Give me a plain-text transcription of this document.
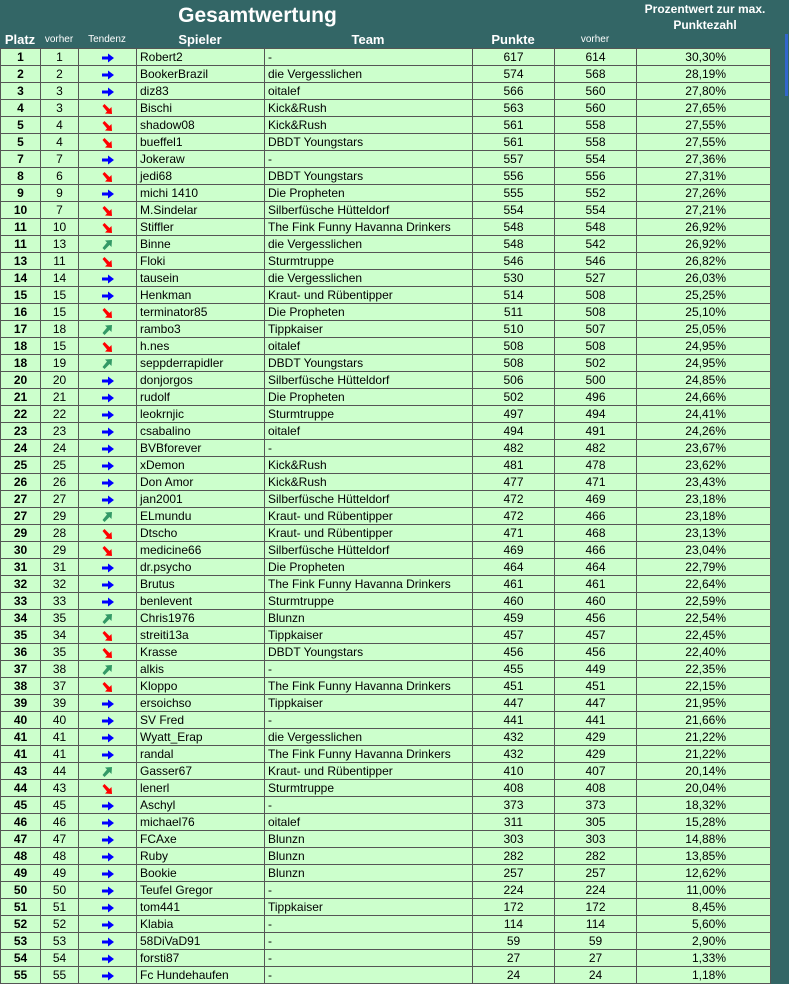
Gesamtwertung	Prozentwert zur max. Punktezahl
Platz vorher	Tendenz	Spieler	Team	Punkte	vorher
1	1		Robert2	-	617	614	30,30%
2	2		BookerBrazil	die Vergesslichen	574	568	28,19%
3	3		diz83	oitalef	566	560	27,80%
4	3		Bischi	Kick&Rush	563	560	27,65%
5	4		shadow08	Kick&Rush	561	558	27,55%
5	4		bueffel1	DBDT Youngstars	561	558	27,55%
7	7		Jokeraw	-	557	554	27,36%
8	6		jedi68	DBDT Youngstars	556	556	27,31%
9	9		michi 1410	Die Propheten	555	552	27,26%
10	7		M.Sindelar	Silberfüsche Hütteldorf	554	554	27,21%
11	10		Stiffler	The Fink Funny Havanna Drinkers	548	548	26,92%
11	13		Binne	die Vergesslichen	548	542	26,92%
13	11		Floki	Sturmtruppe	546	546	26,82%
14	14		tausein	die Vergesslichen	530	527	26,03%
15	15		Henkman	Kraut- und Rübentipper	514	508	25,25%
16	15		terminator85	Die Propheten	511	508	25,10%
17	18		rambo3	Tippkaiser	510	507	25,05%
18	15		h.nes	oitalef	508	508	24,95%
18	19		seppderrapidler	DBDT Youngstars	508	502	24,95%
20	20		donjorgos	Silberfüsche Hütteldorf	506	500	24,85%
21	21		rudolf	Die Propheten	502	496	24,66%
22	22		leokrnjic	Sturmtruppe	497	494	24,41%
23	23		csabalino	oitalef	494	491	24,26%
24	24		BVBforever	-	482	482	23,67%
25	25		xDemon	Kick&Rush	481	478	23,62%
26	26		Don Amor	Kick&Rush	477	471	23,43%
27	27		jan2001	Silberfüsche Hütteldorf	472	469	23,18%
27	29		ELmundu	Kraut- und Rübentipper	472	466	23,18%
29	28		Dtscho	Kraut- und Rübentipper	471	468	23,13%
30	29		medicine66	Silberfüsche Hütteldorf	469	466	23,04%
31	31		dr.psycho	Die Propheten	464	464	22,79%
32	32		Brutus	The Fink Funny Havanna Drinkers	461	461	22,64%
33	33		benlevent	Sturmtruppe	460	460	22,59%
34	35		Chris1976	Blunzn	459	456	22,54%
35	34		streiti13a	Tippkaiser	457	457	22,45%
36	35		Krasse	DBDT Youngstars	456	456	22,40%
37	38		alkis	-	455	449	22,35%
38	37		Kloppo	The Fink Funny Havanna Drinkers	451	451	22,15%
39	39		ersoichso	Tippkaiser	447	447	21,95%
40	40		SV Fred	-	441	441	21,66%
41	41		Wyatt_Erap	die Vergesslichen	432	429	21,22%
41	41		randal	The Fink Funny Havanna Drinkers	432	429	21,22%
43	44		Gasser67	Kraut- und Rübentipper	410	407	20,14%
44	43		lenerl	Sturmtruppe	408	408	20,04%
45	45		Aschyl	-	373	373	18,32%
46	46		michael76	oitalef	311	305	15,28%
47	47		FCAxe	Blunzn	303	303	14,88%
48	48		Ruby	Blunzn	282	282	13,85%
49	49		Bookie	Blunzn	257	257	12,62%
50	50		Teufel Gregor	-	224	224	11,00%
51	51		tom441	Tippkaiser	172	172	8,45%
52	52		Klabia	-	114	114	5,60%
53	53		58DiVaD91	-	59	59	2,90%
54	54		forsti87	-	27	27	1,33%
55	55		Fc Hundehaufen	-	24	24	1,18%
